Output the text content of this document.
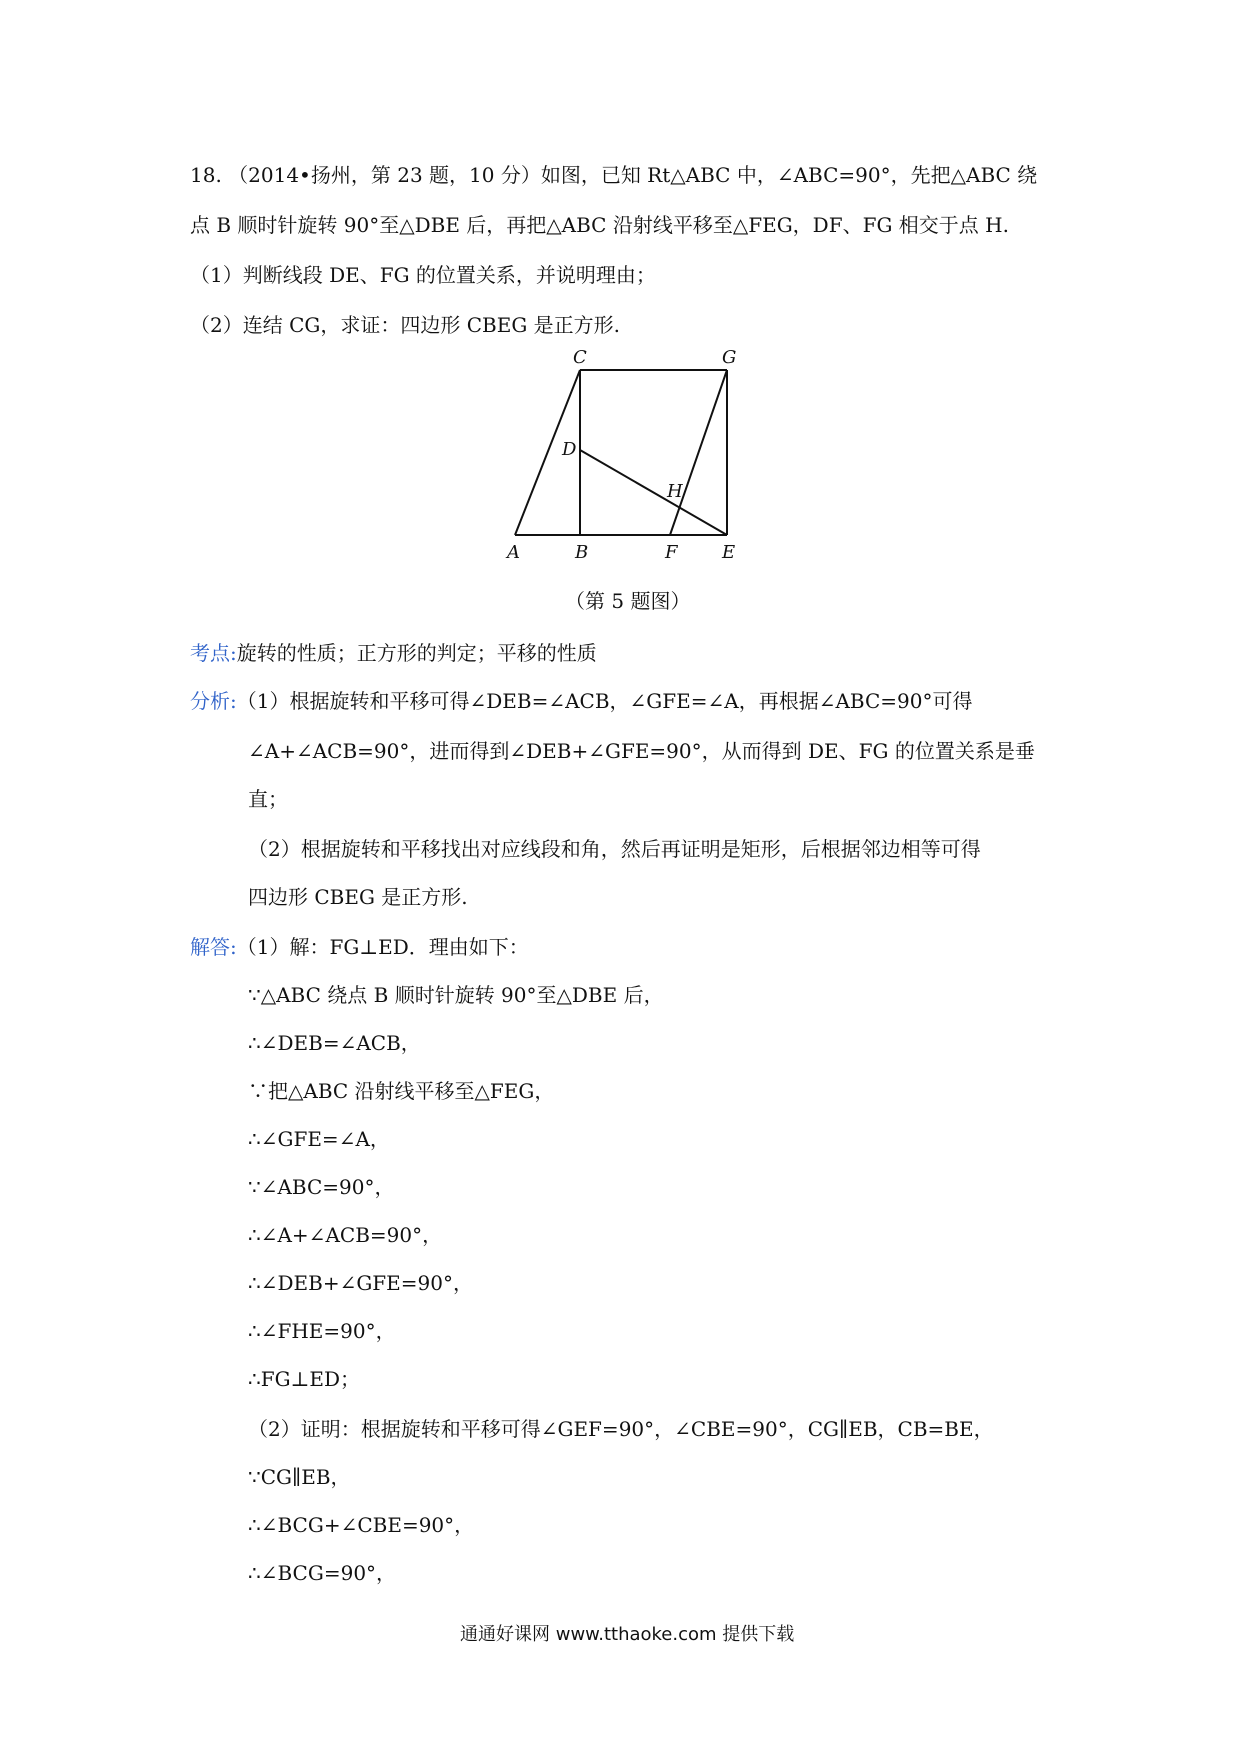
18. （2014•扬州，第 23 题，10 分）如图，已知 Rt△ABC 中，∠ABC=90°，先把△ABC 绕
点 B 顺时针旋转 90°至△DBE 后，再把△ABC 沿射线平移至△FEG，DF、FG 相交于点 H.
（1）判断线段 DE、FG 的位置关系，并说明理由；
（2）连结 CG，求证：四边形 CBEG 是正方形.
C	G
D
H
A	B	F E
（第 5 题图）
考点:旋转的性质；正方形的判定；平移的性质
分析:（1）根据旋转和平移可得∠DEB=∠ACB，∠GFE=∠A，再根据∠ABC=90°可得
∠A+∠ACB=90°，进而得到∠DEB+∠GFE=90°，从而得到 DE、FG 的位置关系是垂
直；
（2）根据旋转和平移找出对应线段和角，然后再证明是矩形，后根据邻边相等可得
四边形 CBEG 是正方形.
解答:（1）解：FG⊥ED．理由如下：
∵△ABC 绕点 B 顺时针旋转 90°至△DBE 后，
∴∠DEB=∠ACB，
∵把△ABC 沿射线平移至△FEG，
∴∠GFE=∠A，
∵∠ABC=90°，
∴∠A+∠ACB=90°，
∴∠DEB+∠GFE=90°，
∴∠FHE=90°，
∴FG⊥ED；
（2）证明：根据旋转和平移可得∠GEF=90°，∠CBE=90°，CG∥EB，CB=BE，
∵CG∥EB，
∴∠BCG+∠CBE=90°，
∴∠BCG=90°，
通通好课网 www.tthaoke.com 提供下载
